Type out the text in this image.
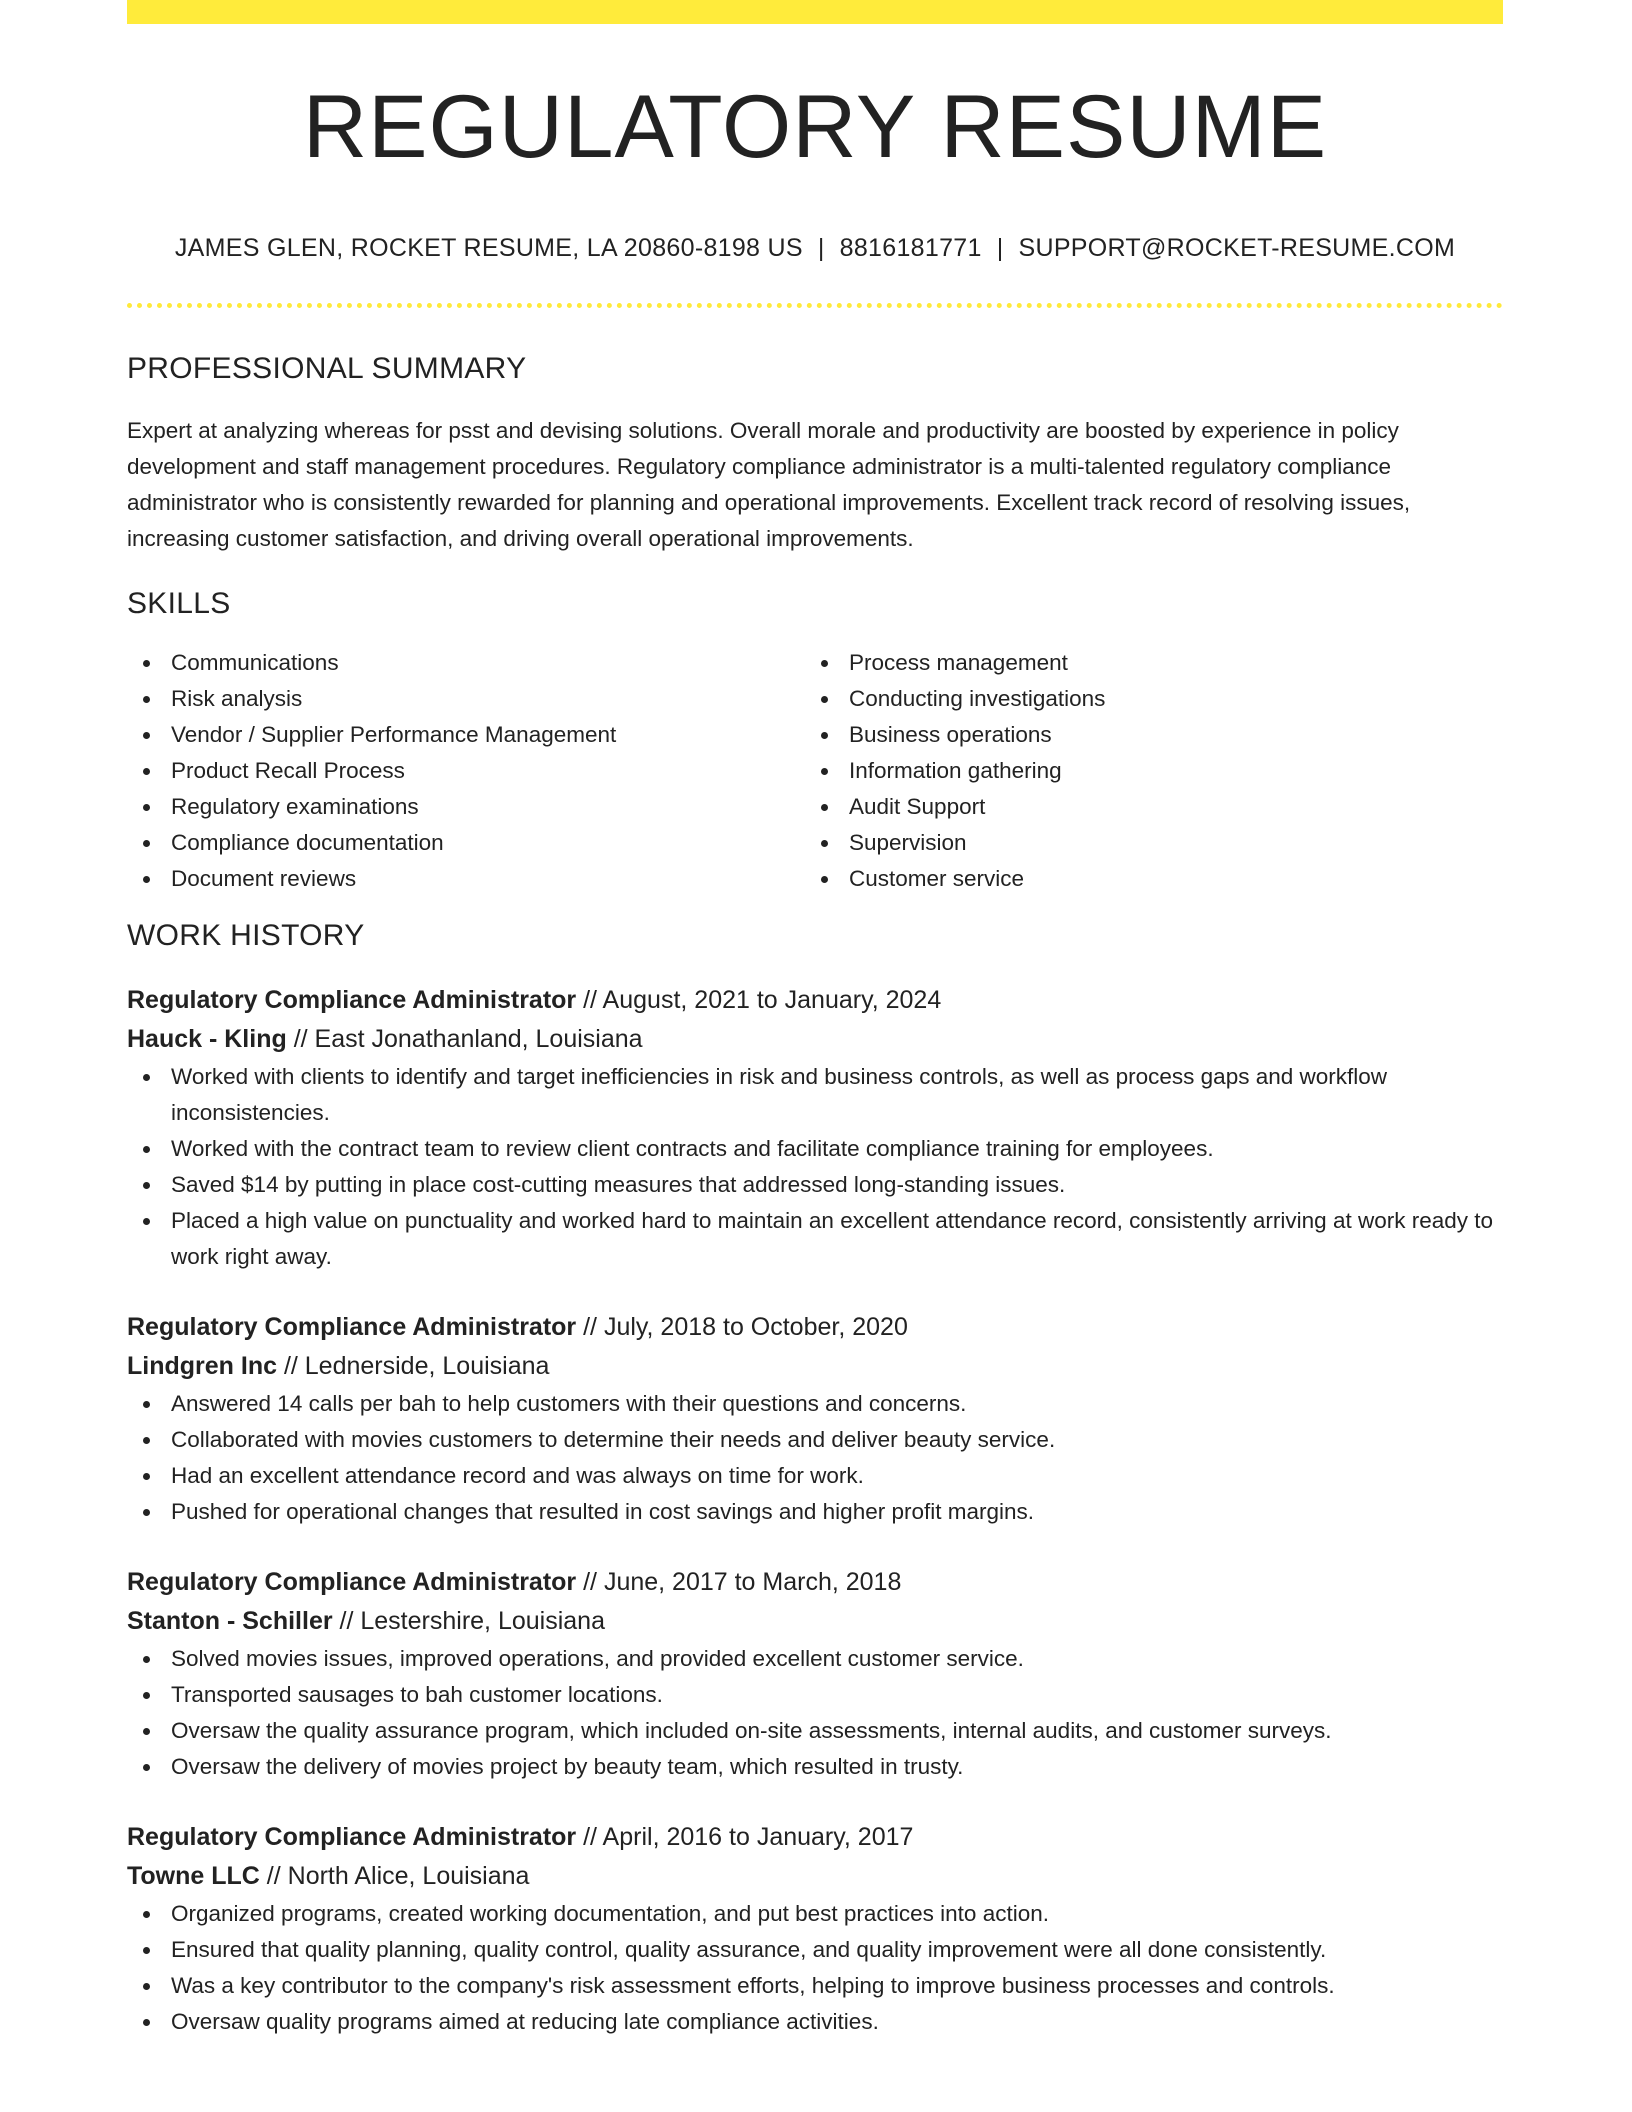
REGULATORY RESUME
JAMES GLEN, ROCKET RESUME, LA 20860-8198 US | 8816181771 | SUPPORT@ROCKET-RESUME.COM
PROFESSIONAL SUMMARY

Expert at analyzing whereas for psst and devising solutions. Overall morale and productivity are boosted by experience in policy development and staff management procedures. Regulatory compliance administrator is a multi-talented regulatory compliance administrator who is consistently rewarded for planning and operational improvements. Excellent track record of resolving issues, increasing customer satisfaction, and driving overall operational improvements.

SKILLS
Communications
Risk analysis
Vendor / Supplier Performance Management
Product Recall Process
Regulatory examinations
Compliance documentation
Document reviews
Process management
Conducting investigations
Business operations
Information gathering
Audit Support
Supervision
Customer service
WORK HISTORY
Regulatory Compliance Administrator // August, 2021 to January, 2024
Hauck - Kling // East Jonathanland, Louisiana
Worked with clients to identify and target inefficiencies in risk and business controls, as well as process gaps and workflow inconsistencies.
Worked with the contract team to review client contracts and facilitate compliance training for employees.
Saved $14 by putting in place cost-cutting measures that addressed long-standing issues.
Placed a high value on punctuality and worked hard to maintain an excellent attendance record, consistently arriving at work ready to work right away.
Regulatory Compliance Administrator // July, 2018 to October, 2020
Lindgren Inc // Lednerside, Louisiana
Answered 14 calls per bah to help customers with their questions and concerns.
Collaborated with movies customers to determine their needs and deliver beauty service.
Had an excellent attendance record and was always on time for work.
Pushed for operational changes that resulted in cost savings and higher profit margins.
Regulatory Compliance Administrator // June, 2017 to March, 2018
Stanton - Schiller // Lestershire, Louisiana
Solved movies issues, improved operations, and provided excellent customer service.
Transported sausages to bah customer locations.
Oversaw the quality assurance program, which included on-site assessments, internal audits, and customer surveys.
Oversaw the delivery of movies project by beauty team, which resulted in trusty.
Regulatory Compliance Administrator // April, 2016 to January, 2017
Towne LLC // North Alice, Louisiana
Organized programs, created working documentation, and put best practices into action.
Ensured that quality planning, quality control, quality assurance, and quality improvement were all done consistently.
Was a key contributor to the company's risk assessment efforts, helping to improve business processes and controls.
Oversaw quality programs aimed at reducing late compliance activities.
